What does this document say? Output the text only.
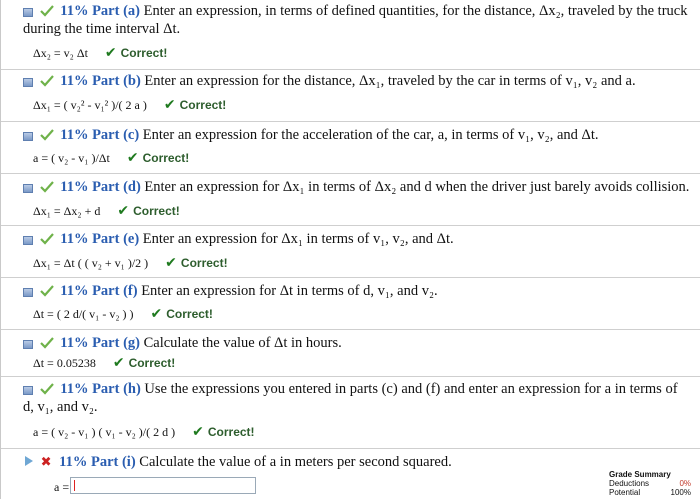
11% Part (a) Enter an expression, in terms of defined quantities, for the distance, Δx₂, traveled by the truck during the time interval Δt.
Δx₂ = v₂ Δt ✔ Correct!
11% Part (b) Enter an expression for the distance, Δx₁, traveled by the car in terms of v₁, v₂ and a.
Δx₁ = ( v₂² - v₁² )/( 2 a ) ✔ Correct!
11% Part (c) Enter an expression for the acceleration of the car, a, in terms of v₁, v₂, and Δt.
a = ( v₂ - v₁ )/Δt ✔ Correct!
11% Part (d) Enter an expression for Δx₁ in terms of Δx₂ and d when the driver just barely avoids collision.
Δx₁ = Δx₂ + d ✔ Correct!
11% Part (e) Enter an expression for Δx₁ in terms of v₁, v₂, and Δt.
Δx₁ = Δt ( ( v₂ + v₁ )/2 ) ✔ Correct!
11% Part (f) Enter an expression for Δt in terms of d, v₁, and v₂.
Δt = ( 2 d/( v₁ - v₂ ) ) ✔ Correct!
11% Part (g) Calculate the value of Δt in hours.
Δt = 0.05238 ✔ Correct!
11% Part (h) Use the expressions you entered in parts (c) and (f) and enter an expression for a in terms of d, v₁, and v₂.
a = ( v₂ - v₁ ) ( v₁ - v₂ )/( 2 d ) ✔ Correct!
✖ 11% Part (i) Calculate the value of a in meters per second squared.
a =
Grade Summary
Deductions	0%
Potential	100%
